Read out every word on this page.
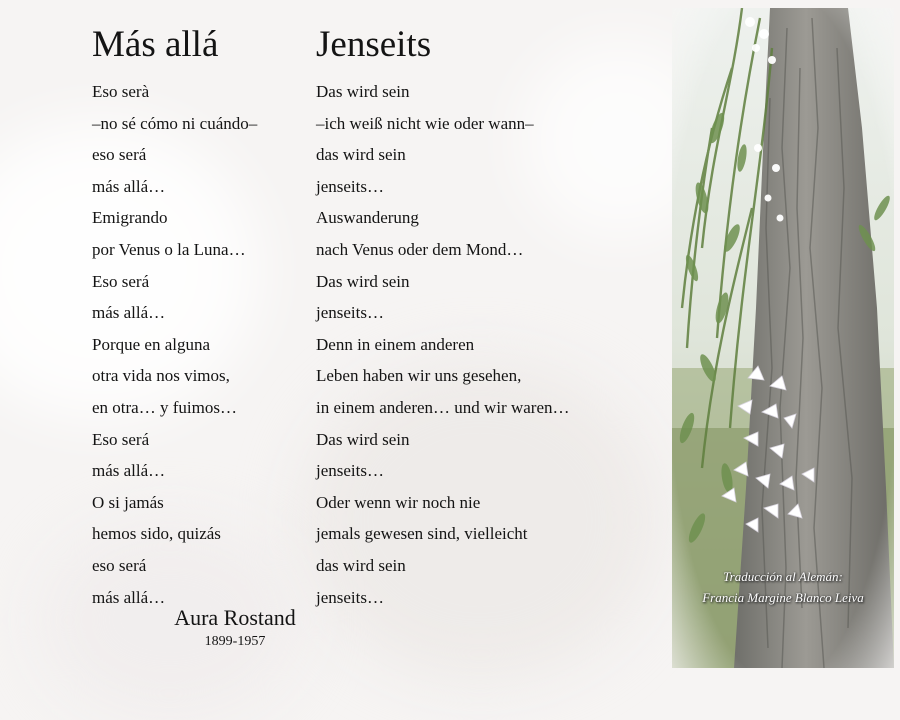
Más allá
Eso serà
–no sé cómo ni cuándo–
eso será
más allá…
Emigrando
por Venus o la Luna…
Eso será
más allá…
Porque en alguna
otra vida nos vimos,
en otra… y fuimos…
Eso será
más allá…
O si jamás
hemos sido, quizás
eso será
más allá…
Jenseits
Das wird sein
–ich weiß nicht wie oder wann–
das wird sein
jenseits…
Auswanderung
nach Venus oder dem Mond…
Das wird sein
jenseits…
Denn in einem anderen
Leben haben wir uns gesehen,
in einem anderen… und wir waren…
Das wird sein
jenseits…
Oder wenn wir noch nie
jemals gewesen sind, vielleicht
das wird sein
jenseits…
Aura Rostand
1899-1957
Traducción al Alemán:
Francia Margine Blanco Leiva
